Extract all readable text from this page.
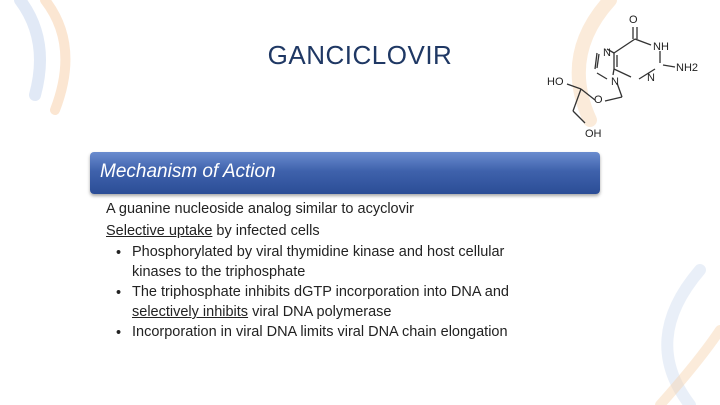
GANCICLOVIR
O
NH
NH2
N
N
N
HO
O
OH
Mechanism of Action
A guanine nucleoside analog similar to acyclovir
Selective uptake by infected cells
• Phosphorylated by viral thymidine kinase and host cellular
kinases to the triphosphate
• The triphosphate inhibits dGTP incorporation into DNA and
selectively inhibits viral DNA polymerase
• Incorporation in viral DNA limits viral DNA chain elongation
